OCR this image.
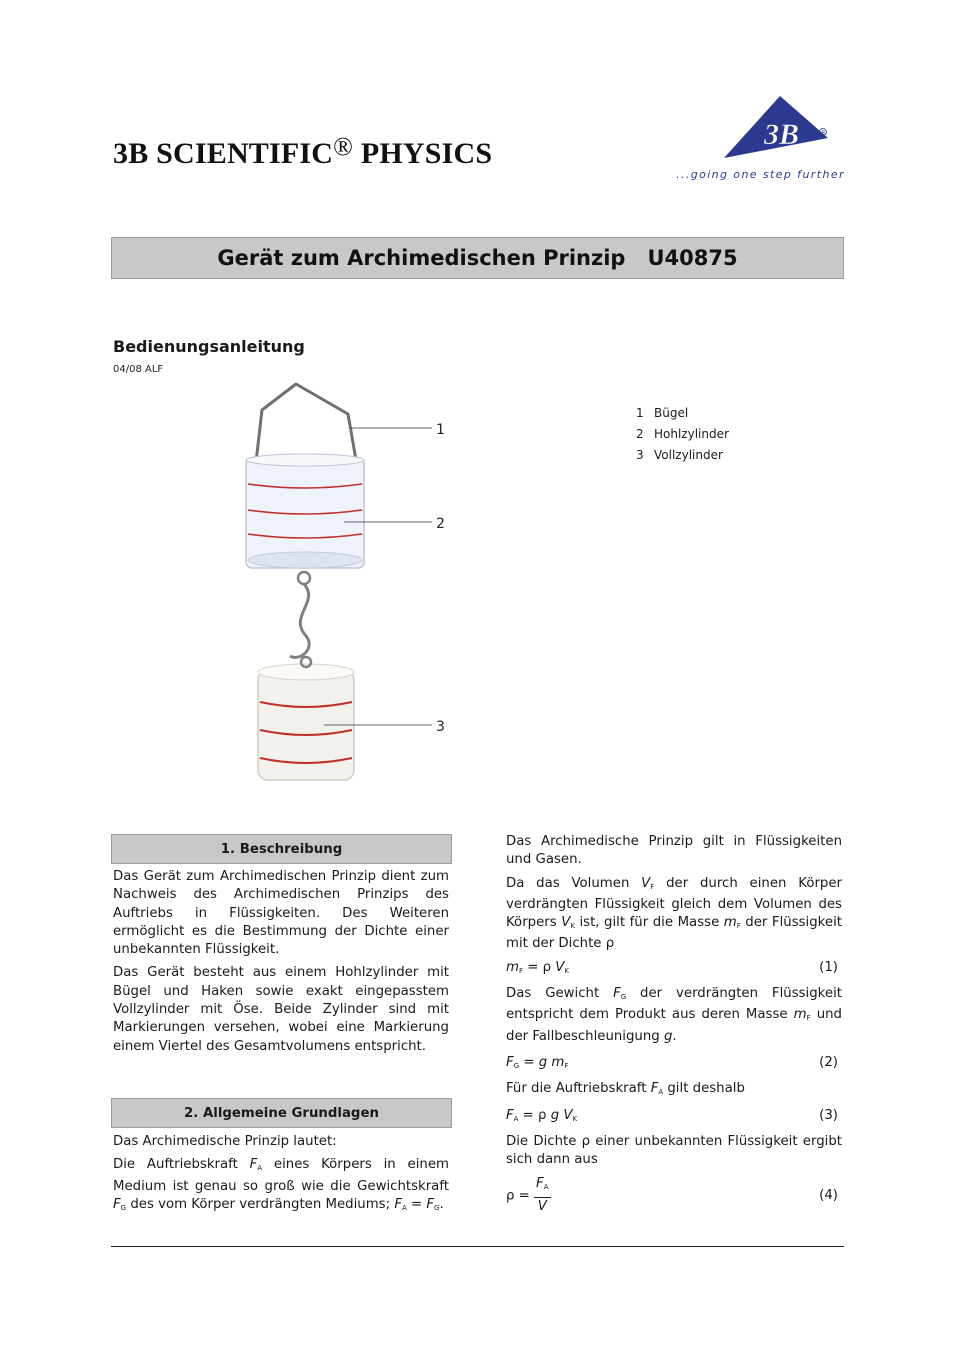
3B SCIENTIFIC® PHYSICS
3B	R
...going one step further
Gerät zum Archimedischen Prinzip U40875
Bedienungsanleitung
04/08 ALF
1
2
3
1 Bügel
2 Hohlzylinder
3 Vollzylinder
1. Beschreibung

Das Gerät zum Archimedischen Prinzip dient zum Nachweis des Archimedischen Prinzips des Auftriebs in Flüssigkeiten. Des Weiteren ermöglicht es die Bestimmung der Dichte einer unbekannten Flüssigkeit.

Das Gerät besteht aus einem Hohlzylinder mit Bügel und Haken sowie exakt eingepasstem Vollzylinder mit Öse. Beide Zylinder sind mit Markierungen versehen, wobei eine Markierung einem Viertel des Gesamtvolumens entspricht.

2. Allgemeine Grundlagen

Das Archimedische Prinzip lautet:

Die Auftriebskraft $F_A$ eines Körpers in einem Medium ist genau so groß wie die Gewichtskraft $F_G$ des vom Körper verdrängten Mediums; $F_A = F_G$.

Das Archimedische Prinzip gilt in Flüssigkeiten und Gasen.

Da das Volumen $V_F$ der durch einen Körper verdrängten Flüssigkeit gleich dem Volumen des Körpers $V_K$ ist, gilt für die Masse $m_F$ der Flüssigkeit mit der Dichte ρ

$m_F = \rho$ $V_K$	(1)

Das Gewicht $F_G$ der verdrängten Flüssigkeit entspricht dem Produkt aus deren Masse $m_F$ und der Fallbeschleunigung g.

$F_G = g$ $m_F$	(2)

Für die Auftriebskraft $F_A$ gilt deshalb

$F_A = \rho$ g $V_K$	(3)

Die Dichte ρ einer unbekannten Flüssigkeit ergibt sich dann aus

$\rho = \frac{F_A}{V}$	(4)
